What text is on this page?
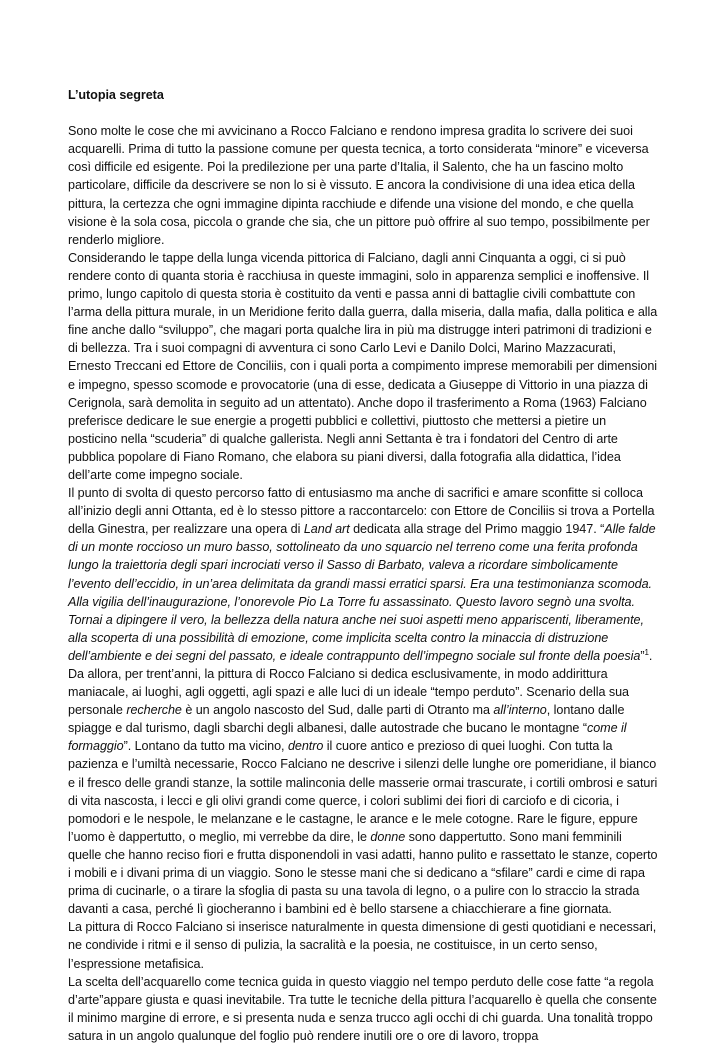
L’utopia segreta

Sono molte le cose che mi avvicinano a Rocco Falciano e rendono impresa gradita lo scrivere dei suoi acquarelli. Prima di tutto la passione comune per questa tecnica, a torto considerata “minore” e viceversa così difficile ed esigente. Poi la predilezione per una parte d’Italia, il Salento, che ha un fascino molto particolare, difficile da descrivere se non lo si è vissuto. E ancora la condivisione di una idea etica della pittura, la certezza che ogni immagine dipinta racchiude e difende una visione del mondo, e che quella visione è la sola cosa, piccola o grande che sia, che un pittore può offrire al suo tempo, possibilmente per renderlo migliore.

Considerando le tappe della lunga vicenda pittorica di Falciano, dagli anni Cinquanta a oggi, ci si può rendere conto di quanta storia è racchiusa in queste immagini, solo in apparenza semplici e inoffensive. Il primo, lungo capitolo di questa storia è costituito da venti e passa anni di battaglie civili combattute con l’arma della pittura murale, in un Meridione ferito dalla guerra, dalla miseria, dalla mafia, dalla politica e alla fine anche dallo “sviluppo”, che magari porta qualche lira in più ma distrugge interi patrimoni di tradizioni e di bellezza. Tra i suoi compagni di avventura ci sono Carlo Levi e Danilo Dolci, Marino Mazzacurati, Ernesto Treccani ed Ettore de Conciliis, con i quali porta a compimento imprese memorabili per dimensioni e impegno, spesso scomode e provocatorie (una di esse, dedicata a Giuseppe di Vittorio in una piazza di Cerignola, sarà demolita in seguito ad un attentato). Anche dopo il trasferimento a Roma (1963) Falciano preferisce dedicare le sue energie a progetti pubblici e collettivi, piuttosto che mettersi a pietire un posticino nella “scuderia” di qualche gallerista. Negli anni Settanta è tra i fondatori del Centro di arte pubblica popolare di Fiano Romano, che elabora su piani diversi, dalla fotografia alla didattica, l’idea dell’arte come impegno sociale.

Il punto di svolta di questo percorso fatto di entusiasmo ma anche di sacrifici e amare sconfitte si colloca all’inizio degli anni Ottanta, ed è lo stesso pittore a raccontarcelo: con Ettore de Conciliis si trova a Portella della Ginestra, per realizzare una opera di Land art dedicata alla strage del Primo maggio 1947. “Alle falde di un monte roccioso un muro basso, sottolineato da uno squarcio nel terreno come una ferita profonda lungo la traiettoria degli spari incrociati verso il Sasso di Barbato, valeva a ricordare simbolicamente l’evento dell’eccidio, in un’area delimitata da grandi massi erratici sparsi. Era una testimonianza scomoda. Alla vigilia dell’inaugurazione, l’onorevole Pio La Torre fu assassinato. Questo lavoro segnò una svolta. Tornai a dipingere il vero, la bellezza della natura anche nei suoi aspetti meno appariscenti, liberamente, alla scoperta di una possibilità di emozione, come implicita scelta contro la minaccia di distruzione dell’ambiente e dei segni del passato, e ideale contrappunto dell’impegno sociale sul fronte della poesia”$^1$.

Da allora, per trent’anni, la pittura di Rocco Falciano si dedica esclusivamente, in modo addirittura maniacale, ai luoghi, agli oggetti, agli spazi e alle luci di un ideale “tempo perduto”. Scenario della sua personale recherche è un angolo nascosto del Sud, dalle parti di Otranto ma all’interno, lontano dalle spiagge e dal turismo, dagli sbarchi degli albanesi, dalle autostrade che bucano le montagne “come il formaggio”. Lontano da tutto ma vicino, dentro il cuore antico e prezioso di quei luoghi. Con tutta la pazienza e l’umiltà necessarie, Rocco Falciano ne descrive i silenzi delle lunghe ore pomeridiane, il bianco e il fresco delle grandi stanze, la sottile malinconia delle masserie ormai trascurate, i cortili ombrosi e saturi di vita nascosta, i lecci e gli olivi grandi come querce, i colori sublimi dei fiori di carciofo e di cicoria, i pomodori e le nespole, le melanzane e le castagne, le arance e le mele cotogne. Rare le figure, eppure l’uomo è dappertutto, o meglio, mi verrebbe da dire, le donne sono dappertutto. Sono mani femminili quelle che hanno reciso fiori e frutta disponendoli in vasi adatti, hanno pulito e rassettato le stanze, coperto i mobili e i divani prima di un viaggio. Sono le stesse mani che si dedicano a “sfilare” cardi e cime di rapa prima di cucinarle, o a tirare la sfoglia di pasta su una tavola di legno, o a pulire con lo straccio la strada davanti a casa, perché lì giocheranno i bambini ed è bello starsene a chiacchierare a fine giornata.

La pittura di Rocco Falciano si inserisce naturalmente in questa dimensione di gesti quotidiani e necessari, ne condivide i ritmi e il senso di pulizia, la sacralità e la poesia, ne costituisce, in un certo senso, l’espressione metafisica.

La scelta dell’acquarello come tecnica guida in questo viaggio nel tempo perduto delle cose fatte “a regola d’arte”appare giusta e quasi inevitabile. Tra tutte le tecniche della pittura l’acquarello è quella che consente il minimo margine di errore, e si presenta nuda e senza trucco agli occhi di chi guarda. Una tonalità troppo satura in un angolo qualunque del foglio può rendere inutili ore o ore di lavoro, troppa
